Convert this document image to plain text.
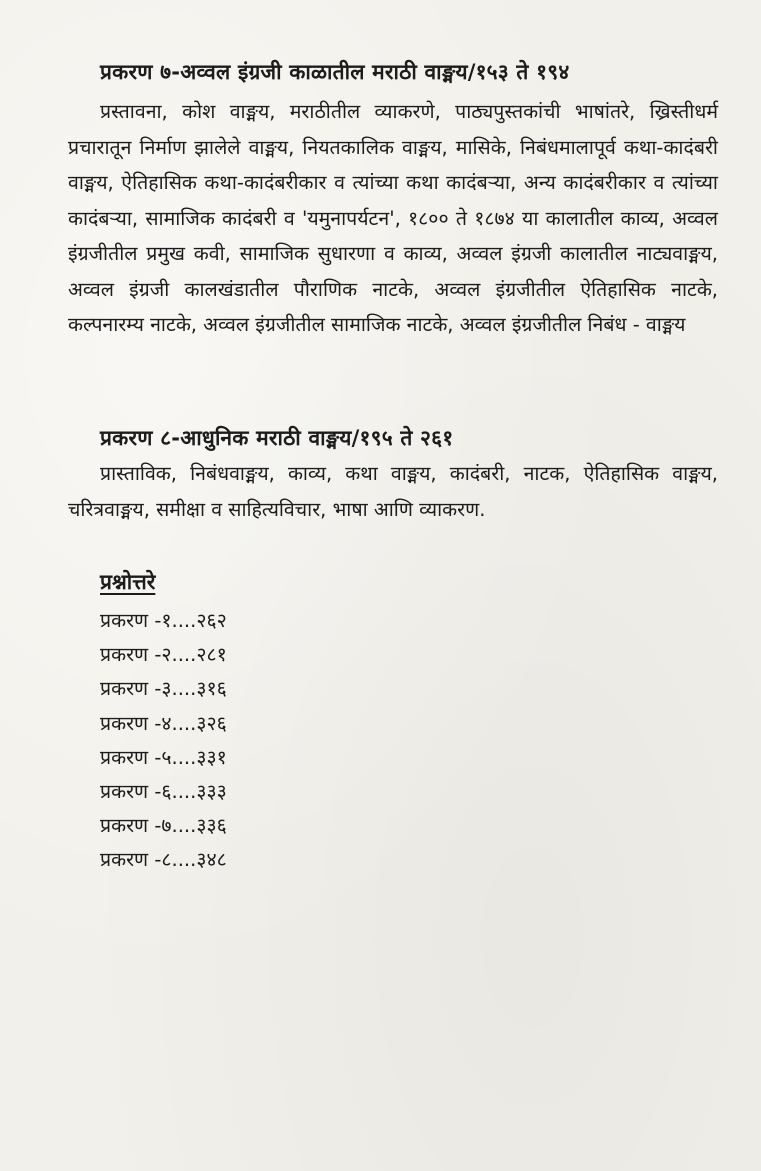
प्रकरण ७-अव्वल इंग्रजी काळातील मराठी वाङ्मय/१५३ ते १९४
प्रस्तावना, कोश वाङ्मय, मराठीतील व्याकरणे, पाठ्यपुस्तकांची भाषांतरे, ख्रिस्तीधर्म प्रचारातून निर्माण झालेले वाङ्मय, नियतकालिक वाङ्मय, मासिके, निबंधमालापूर्व कथा-कादंबरी वाङ्मय, ऐतिहासिक कथा-कादंबरीकार व त्यांच्या कथा कादंबऱ्या, अन्य कादंबरीकार व त्यांच्या कादंबऱ्या, सामाजिक कादंबरी व 'यमुनापर्यटन', १८०० ते १८७४ या कालातील काव्य, अव्वल इंग्रजीतील प्रमुख कवी, सामाजिक सुधारणा व काव्य, अव्वल इंग्रजी कालातील नाट्यवाङ्मय, अव्वल इंग्रजी कालखंडातील पौराणिक नाटके, अव्वल इंग्रजीतील ऐतिहासिक नाटके, कल्पनारम्य नाटके, अव्वल इंग्रजीतील सामाजिक नाटके, अव्वल इंग्रजीतील निबंध - वाङ्मय
प्रकरण ८-आधुनिक मराठी वाङ्मय/१९५ ते २६१
प्रास्ताविक, निबंधवाङ्मय, काव्य, कथा वाङ्मय, कादंबरी, नाटक, ऐतिहासिक वाङ्मय, चरित्रवाङ्मय, समीक्षा व साहित्यविचार, भाषा आणि व्याकरण.
प्रश्नोत्तरे
प्रकरण -१....२६२
प्रकरण -२....२८१
प्रकरण -३....३१६
प्रकरण -४....३२६
प्रकरण -५....३३१
प्रकरण -६....३३३
प्रकरण -७....३३६
प्रकरण -८....३४८
